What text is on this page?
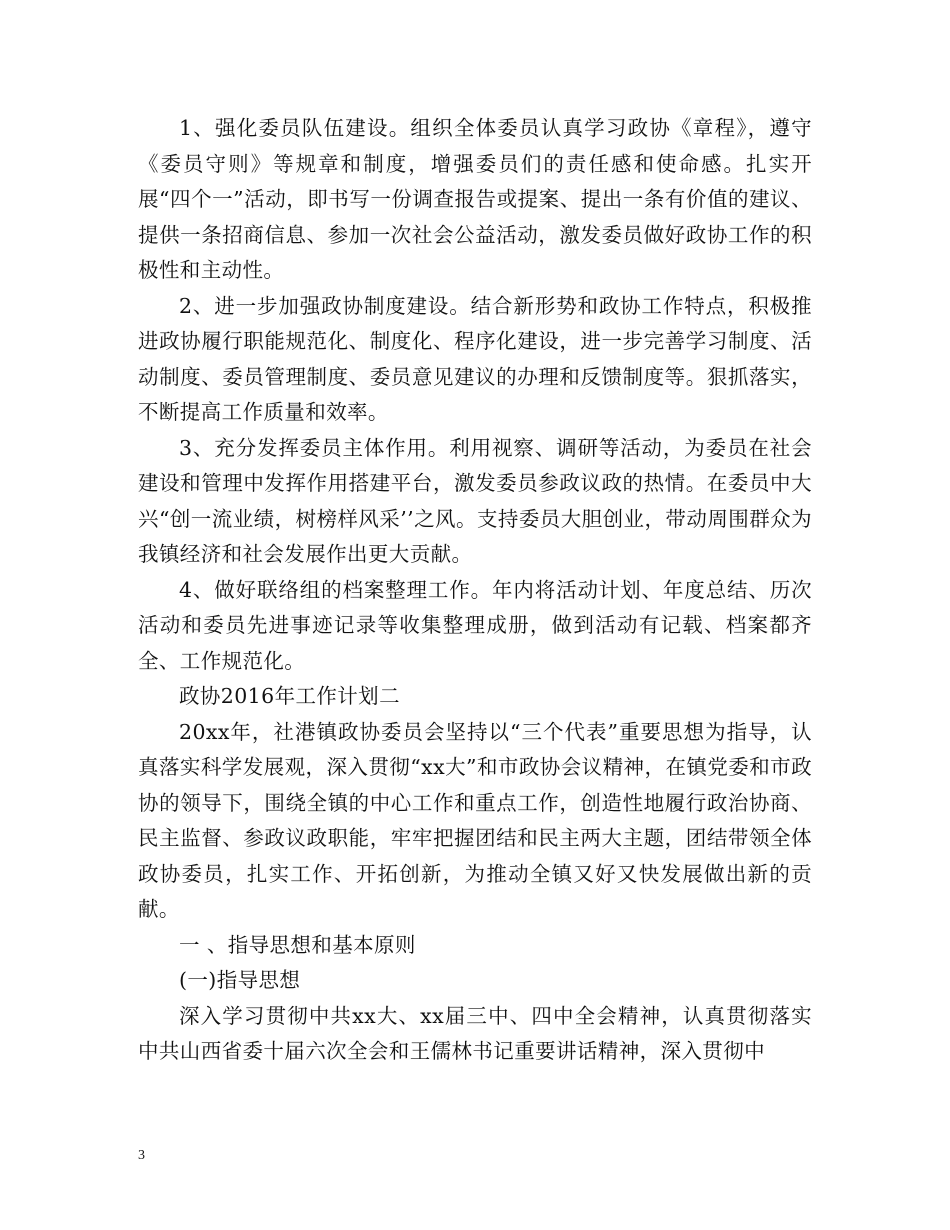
1、强化委员队伍建设。组织全体委员认真学习政协《章程》，遵守《委员守则》等规章和制度，增强委员们的责任感和使命感。扎实开展“四个一”活动，即书写一份调查报告或提案、提出一条有价值的建议、提供一条招商信息、参加一次社会公益活动，激发委员做好政协工作的积极性和主动性。

2、进一步加强政协制度建设。结合新形势和政协工作特点，积极推进政协履行职能规范化、制度化、程序化建设，进一步完善学习制度、活动制度、委员管理制度、委员意见建议的办理和反馈制度等。狠抓落实，不断提高工作质量和效率。

3、充分发挥委员主体作用。利用视察、调研等活动，为委员在社会建设和管理中发挥作用搭建平台，激发委员参政议政的热情。在委员中大兴“创一流业绩，树榜样风采’’之风。支持委员大胆创业，带动周围群众为我镇经济和社会发展作出更大贡献。

4、做好联络组的档案整理工作。年内将活动计划、年度总结、历次活动和委员先进事迹记录等收集整理成册，做到活动有记载、档案都齐全、工作规范化。

政协2016年工作计划二

20xx年，社港镇政协委员会坚持以“三个代表”重要思想为指导，认真落实科学发展观，深入贯彻“xx大”和市政协会议精神，在镇党委和市政协的领导下，围绕全镇的中心工作和重点工作，创造性地履行政治协商、民主监督、参政议政职能，牢牢把握团结和民主两大主题，团结带领全体政协委员，扎实工作、开拓创新，为推动全镇又好又快发展做出新的贡献。

一 、指导思想和基本原则

(一)指导思想

深入学习贯彻中共xx大、xx届三中、四中全会精神，认真贯彻落实中共山西省委十届六次全会和王儒林书记重要讲话精神，深入贯彻中

3
